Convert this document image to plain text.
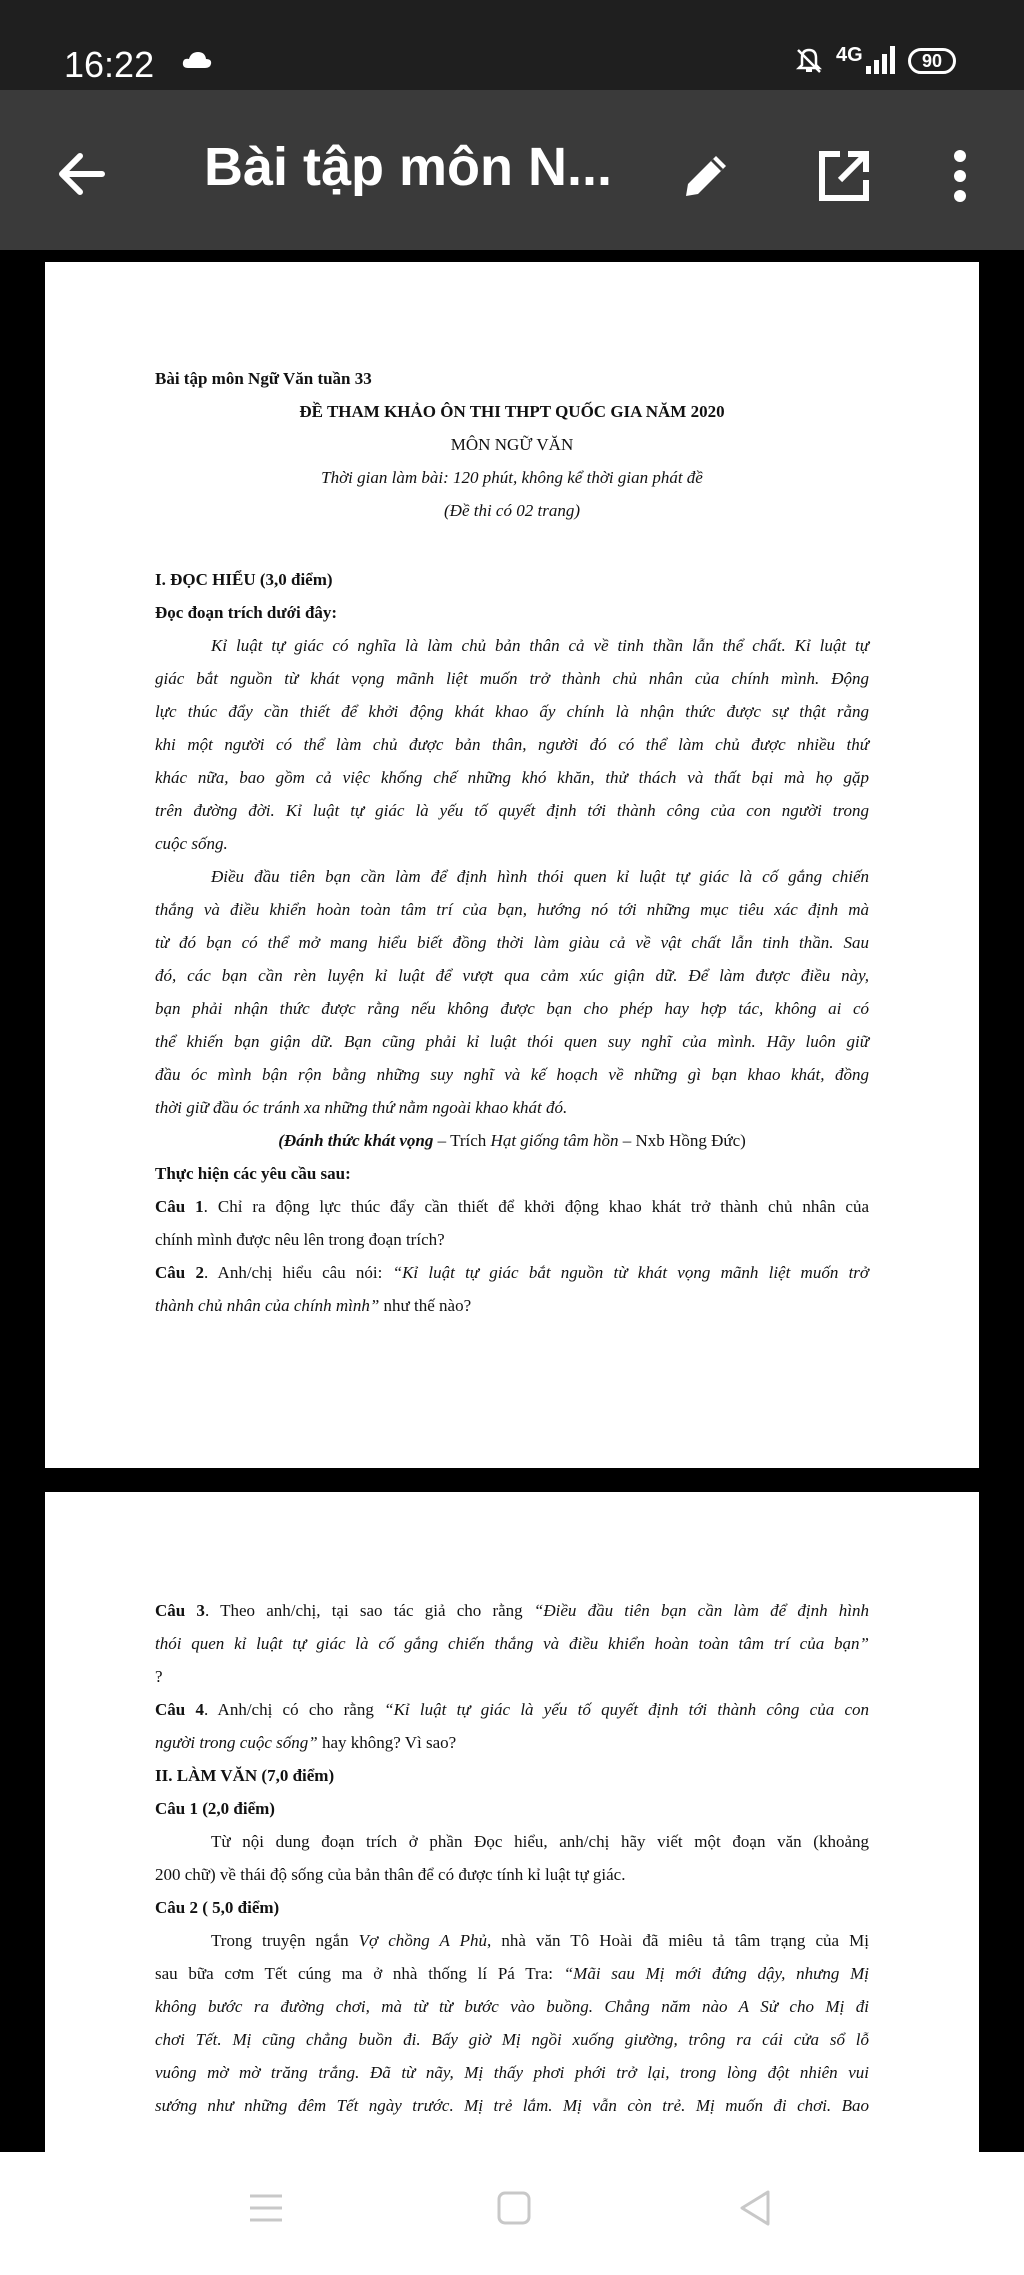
16:22	4G	90
Bài tập môn N...
Bài tập môn Ngữ Văn tuần 33
ĐỀ THAM KHẢO ÔN THI THPT QUỐC GIA NĂM 2020
MÔN NGỮ VĂN
Thời gian làm bài: 120 phút, không kể thời gian phát đề
(Đề thi có 02 trang)
I. ĐỌC HIỂU (3,0 điểm)
Đọc đoạn trích dưới đây:
Kỉ luật tự giác có nghĩa là làm chủ bản thân cả về tinh thần lẫn thể chất. Kỉ luật tự
giác bắt nguồn từ khát vọng mãnh liệt muốn trở thành chủ nhân của chính mình. Động
lực thúc đẩy cần thiết để khởi động khát khao ấy chính là nhận thức được sự thật rằng
khi một người có thể làm chủ được bản thân, người đó có thể làm chủ được nhiều thứ
khác nữa, bao gồm cả việc khống chế những khó khăn, thử thách và thất bại mà họ gặp
trên đường đời. Kỉ luật tự giác là yếu tố quyết định tới thành công của con người trong
cuộc sống.
Điều đầu tiên bạn cần làm để định hình thói quen kỉ luật tự giác là cố gắng chiến
thắng và điều khiển hoàn toàn tâm trí của bạn, hướng nó tới những mục tiêu xác định mà
từ đó bạn có thể mở mang hiểu biết đồng thời làm giàu cả về vật chất lẫn tinh thần. Sau
đó, các bạn cần rèn luyện kỉ luật để vượt qua cảm xúc giận dữ. Để làm được điều này,
bạn phải nhận thức được rằng nếu không được bạn cho phép hay hợp tác, không ai có
thể khiến bạn giận dữ. Bạn cũng phải kỉ luật thói quen suy nghĩ của mình. Hãy luôn giữ
đầu óc mình bận rộn bằng những suy nghĩ và kế hoạch về những gì bạn khao khát, đồng
thời giữ đầu óc tránh xa những thứ nằm ngoài khao khát đó.
(Đánh thức khát vọng – Trích Hạt giống tâm hồn – Nxb Hồng Đức)
Thực hiện các yêu cầu sau:
Câu 1. Chỉ ra động lực thúc đẩy cần thiết để khởi động khao khát trở thành chủ nhân của
chính mình được nêu lên trong đoạn trích?
Câu 2. Anh/chị hiểu câu nói: “Kỉ luật tự giác bắt nguồn từ khát vọng mãnh liệt muốn trở
thành chủ nhân của chính mình” như thế nào?
Câu 3. Theo anh/chị, tại sao tác giả cho rằng “Điều đầu tiên bạn cần làm để định hình
thói quen kỉ luật tự giác là cố gắng chiến thắng và điều khiển hoàn toàn tâm trí của bạn”
?
Câu 4. Anh/chị có cho rằng “Kỉ luật tự giác là yếu tố quyết định tới thành công của con
người trong cuộc sống” hay không? Vì sao?
II. LÀM VĂN (7,0 điểm)
Câu 1 (2,0 điểm)
Từ nội dung đoạn trích ở phần Đọc hiểu, anh/chị hãy viết một đoạn văn (khoảng
200 chữ) về thái độ sống của bản thân để có được tính kỉ luật tự giác.
Câu 2 ( 5,0 điểm)
Trong truyện ngắn Vợ chồng A Phủ, nhà văn Tô Hoài đã miêu tả tâm trạng của Mị
sau bữa cơm Tết cúng ma ở nhà thống lí Pá Tra: “Mãi sau Mị mới đứng dậy, nhưng Mị
không bước ra đường chơi, mà từ từ bước vào buồng. Chẳng năm nào A Sử cho Mị đi
chơi Tết. Mị cũng chẳng buồn đi. Bấy giờ Mị ngồi xuống giường, trông ra cái cửa sổ lỗ
vuông mờ mờ trăng trắng. Đã từ nãy, Mị thấy phơi phới trở lại, trong lòng đột nhiên vui
sướng như những đêm Tết ngày trước. Mị trẻ lắm. Mị vẫn còn trẻ. Mị muốn đi chơi. Bao
